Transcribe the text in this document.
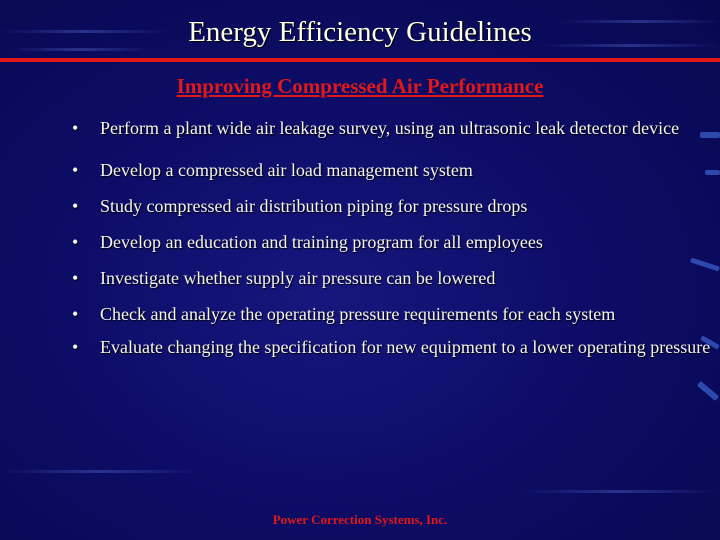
Energy Efficiency Guidelines
Improving Compressed Air Performance
• Perform a plant wide air leakage survey, using an ultrasonic leak detector device
• Develop a compressed air load management system
• Study compressed air distribution piping for pressure drops
• Develop an education and training program for all employees
• Investigate whether supply air pressure can be lowered
• Check and analyze the operating pressure requirements for each system
• Evaluate changing the specification for new equipment to a lower operating pressure
Power Correction Systems, Inc.
